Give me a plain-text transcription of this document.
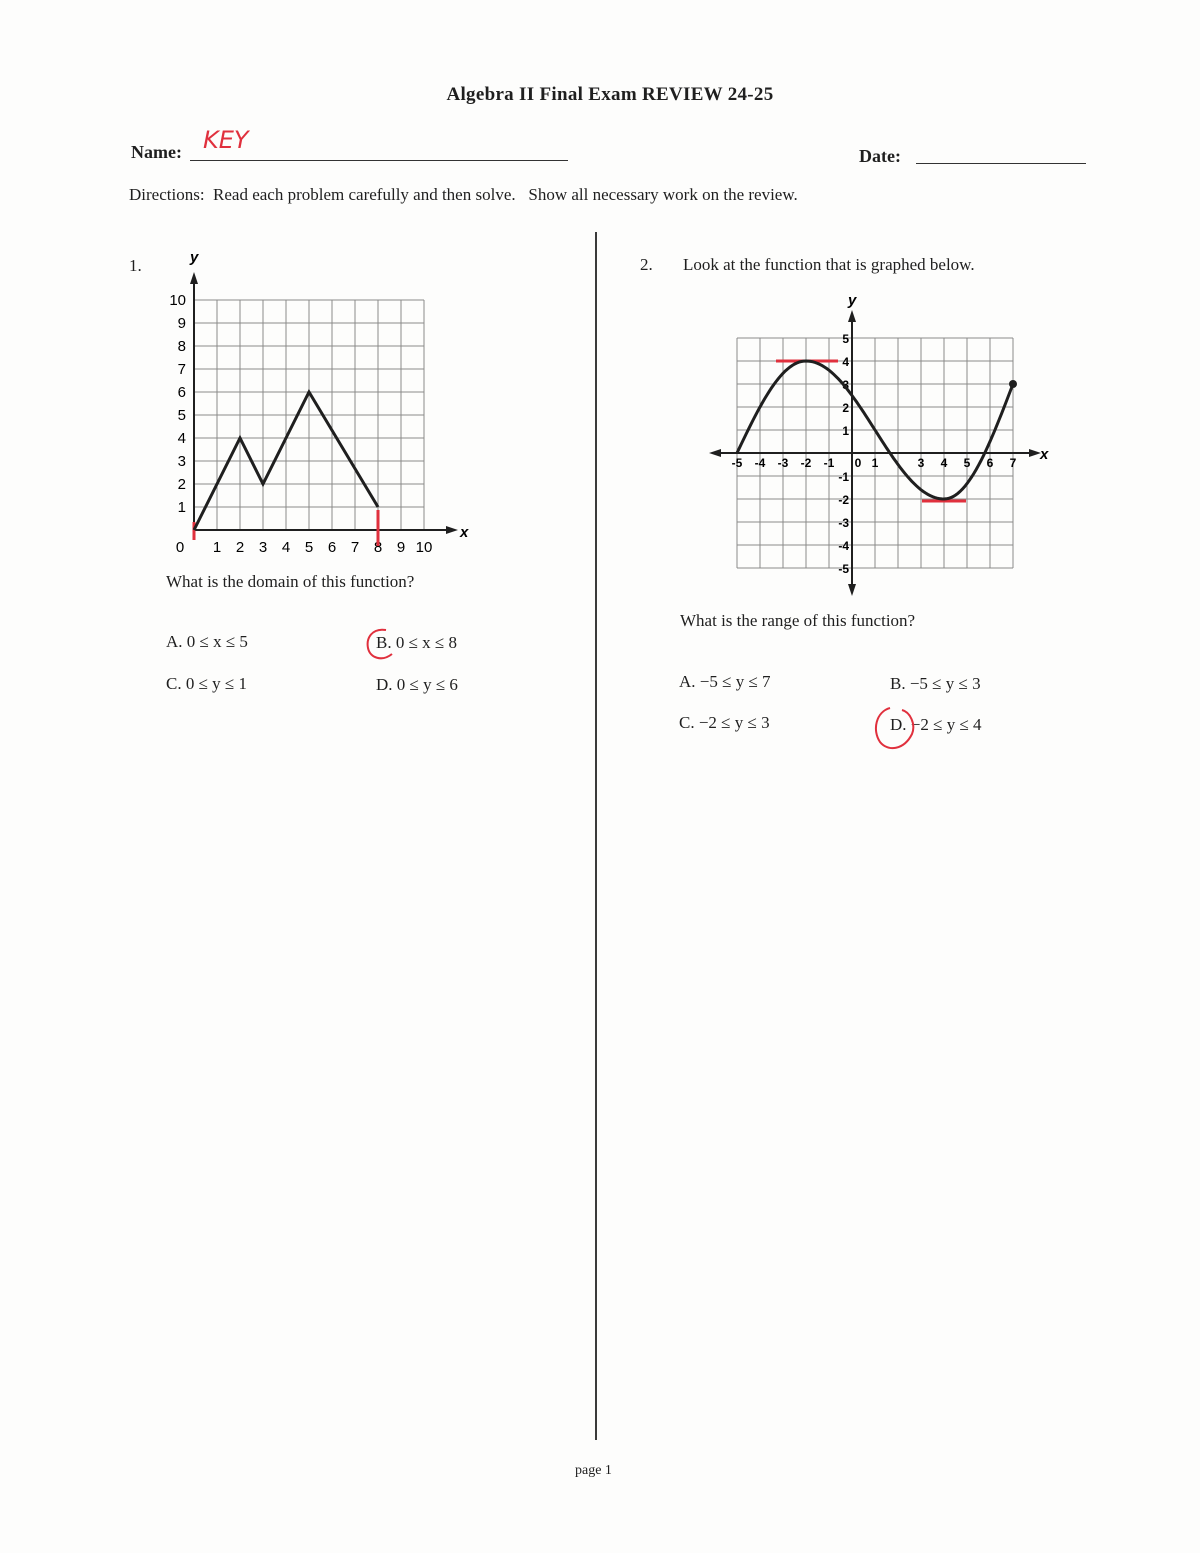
Algebra II Final Exam REVIEW 24-25
Name: KEY
Date:
Directions:  Read each problem carefully and then solve.   Show all necessary work on the review.
1.
10
9
8
7
6
5
4
3
2
1
0 1 2 3 4 5 6 7 8 9 10
y
x
What is the domain of this function?
A. 0 ≤ x ≤ 5	B. 0 ≤ x ≤ 8
C. 0 ≤ y ≤ 1	D. 0 ≤ y ≤ 6
2. Look at the function that is graphed below.
-5 -4 -3 -2 -1 0 1	3 4 5 6 7
5
4
3
2
1
-1
-2
-3
-4
-5
y
x
What is the range of this function?
A. −5 ≤ y ≤ 7	B. −5 ≤ y ≤ 3
C. −2 ≤ y ≤ 3	D. −2 ≤ y ≤ 4
page 1
